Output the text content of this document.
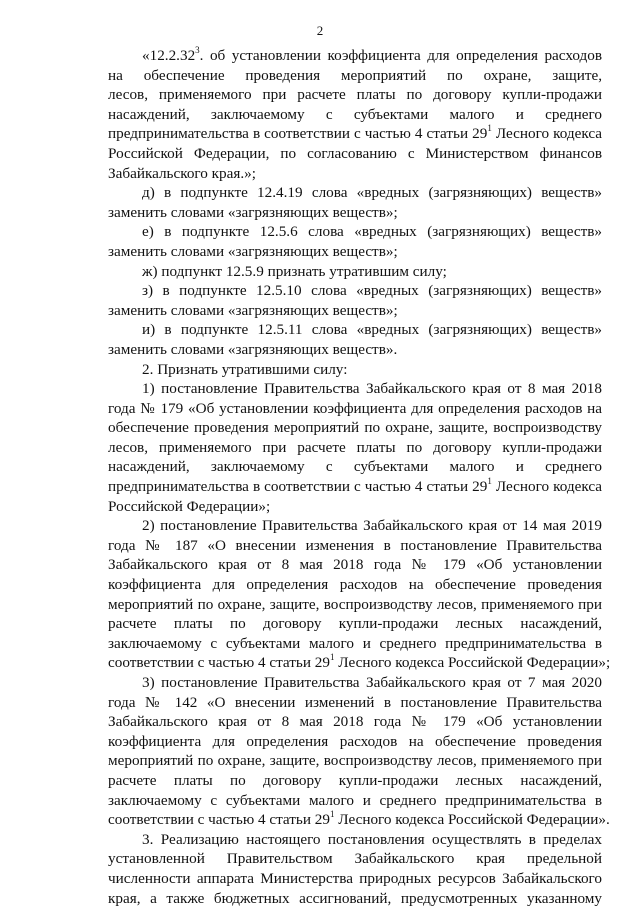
2
«12.2.32$^3$. об установлении коэффициента для определения расходов
на обеспечение проведения мероприятий по охране, защите,
лесов, применяемого при расчете платы по договору купли-продажи
насаждений, заключаемому с субъектами малого и среднего
предпринимательства в соответствии с частью 4 статьи $29^1$ Лесного кодекса
Российской Федерации, по согласованию с Министерством финансов
Забайкальского края.»;
д) в подпункте 12.4.19 слова «вредных (загрязняющих) веществ»
заменить словами «загрязняющих веществ»;
е) в подпункте 12.5.6 слова «вредных (загрязняющих) веществ»
заменить словами «загрязняющих веществ»;
ж) подпункт 12.5.9 признать утратившим силу;
з) в подпункте 12.5.10 слова «вредных (загрязняющих) веществ»
заменить словами «загрязняющих веществ»;
и) в подпункте 12.5.11 слова «вредных (загрязняющих) веществ»
заменить словами «загрязняющих веществ».
2. Признать утратившими силу:
1) постановление Правительства Забайкальского края от 8 мая 2018
года № 179 «Об установлении коэффициента для определения расходов на
обеспечение проведения мероприятий по охране, защите, воспроизводству
лесов, применяемого при расчете платы по договору купли-продажи
насаждений, заключаемому с субъектами малого и среднего
предпринимательства в соответствии с частью 4 статьи $29^1$ Лесного кодекса
Российской Федерации»;
2) постановление Правительства Забайкальского края от 14 мая 2019
года № 187 «О внесении изменения в постановление Правительства
Забайкальского края от 8 мая 2018 года № 179 «Об установлении
коэффициента для определения расходов на обеспечение проведения
мероприятий по охране, защите, воспроизводству лесов, применяемого при
расчете платы по договору купли-продажи лесных насаждений,
заключаемому с субъектами малого и среднего предпринимательства в
соответствии с частью 4 статьи $29^1$ Лесного кодекса Российской Федерации»;
3) постановление Правительства Забайкальского края от 7 мая 2020
года № 142 «О внесении изменений в постановление Правительства
Забайкальского края от 8 мая 2018 года № 179 «Об установлении
коэффициента для определения расходов на обеспечение проведения
мероприятий по охране, защите, воспроизводству лесов, применяемого при
расчете платы по договору купли-продажи лесных насаждений,
заключаемому с субъектами малого и среднего предпринимательства в
соответствии с частью 4 статьи $29^1$ Лесного кодекса Российской Федерации».
3. Реализацию настоящего постановления осуществлять в пределах
установленной Правительством Забайкальского края предельной
численности аппарата Министерства природных ресурсов Забайкальского
края, а также бюджетных ассигнований, предусмотренных указанному
